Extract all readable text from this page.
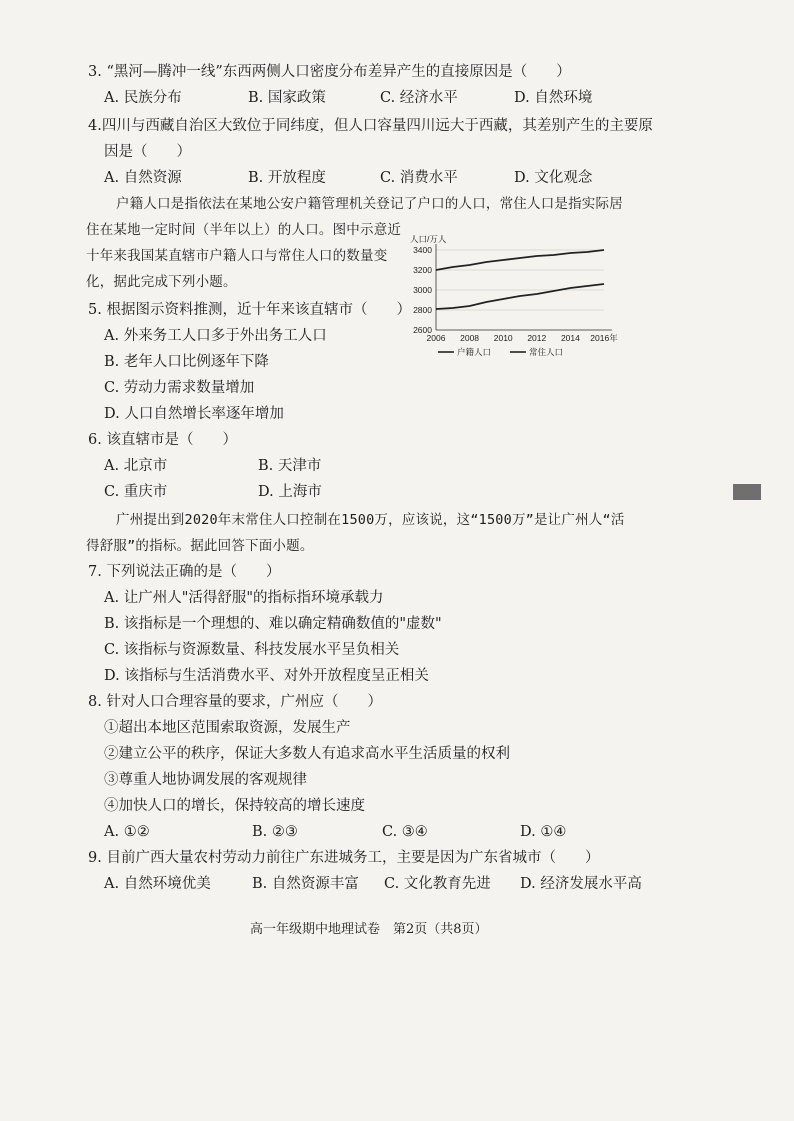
3. “黑河—腾冲一线”东西两侧人口密度分布差异产生的直接原因是（　　）
A. 民族分布	B. 国家政策	C. 经济水平	D. 自然环境
4.四川与西藏自治区大致位于同纬度，但人口容量四川远大于西藏，其差别产生的主要原
因是（　　）
A. 自然资源	B. 开放程度	C. 消费水平	D. 文化观念
户籍人口是指依法在某地公安户籍管理机关登记了户口的人口，常住人口是指实际居
住在某地一定时间（半年以上）的人口。图中示意近
十年来我国某直辖市户籍人口与常住人口的数量变
化，据此完成下列小题。
人口/万人
2600
2800
3000
3200
3400
2006 2008 2010 2012 2014 2016年
户籍人口	常住人口
5. 根据图示资料推测，近十年来该直辖市（　　）
A. 外来务工人口多于外出务工人口
B. 老年人口比例逐年下降
C. 劳动力需求数量增加
D. 人口自然增长率逐年增加
6. 该直辖市是（　　）
A. 北京市	B. 天津市
C. 重庆市	D. 上海市
广州提出到2020年末常住人口控制在1500万，应该说，这“1500万”是让广州人“活
得舒服”的指标。据此回答下面小题。
7. 下列说法正确的是（　　）
A. 让广州人"活得舒服"的指标指环境承载力
B. 该指标是一个理想的、难以确定精确数值的"虚数"
C. 该指标与资源数量、科技发展水平呈负相关
D. 该指标与生活消费水平、对外开放程度呈正相关
8. 针对人口合理容量的要求，广州应（　　）
①超出本地区范围索取资源，发展生产
②建立公平的秩序，保证大多数人有追求高水平生活质量的权利
③尊重人地协调发展的客观规律
④加快人口的增长，保持较高的增长速度
A. ①②	B. ②③	C. ③④	D. ①④
9. 目前广西大量农村劳动力前往广东进城务工，主要是因为广东省城市（　　）
A. 自然环境优美	B. 自然资源丰富 C. 文化教育先进 D. 经济发展水平高
高一年级期中地理试卷　第2页（共8页）
